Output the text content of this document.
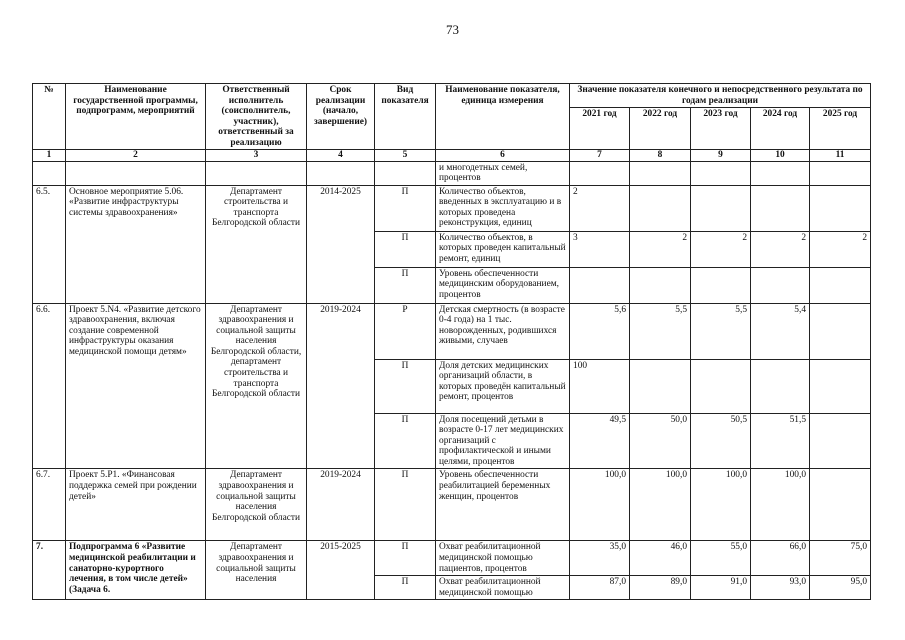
73
№	Наименование государственной программы, подпрограмм, мероприятий	Ответственный исполнитель (соисполнитель, участник), ответственный за реализацию	Срок реализации (начало, завершение)	Вид показателя	Наименование показателя, единица измерения	Значение показателя конечного и непосредственного результата по годам реализации				
						2021 год	2022 год	2023 год	2024 год	2025 год
1	2	3	4	5	6	7	8	9	10	11
					и многодетных семей, процентов					
6.5.	Основное мероприятие 5.06. «Развитие инфраструктуры системы здравоохранения»	Департамент строительства и транспорта Белгородской области	2014-2025	П	Количество объектов, введенных в эксплуатацию и в которых проведена реконструкция, единиц	2				
				П	Количество объектов, в которых проведен капитальный ремонт, единиц	3	2	2	2	2
				П	Уровень обеспеченности медицинским оборудованием, процентов					
6.6.	Проект 5.N4. «Развитие детского здравоохранения, включая создание современной инфраструктуры оказания медицинской помощи детям»	Департамент здравоохранения и социальной защиты населения Белгородской области, департамент строительства и транспорта Белгородской области	2019-2024	Р	Детская смертность (в возрасте 0-4 года) на 1 тыс. новорожденных, родившихся живыми, случаев	5,6	5,5	5,5	5,4	
				П	Доля детских медицинских организаций области, в которых проведён капитальный ремонт, процентов	100				
				П	Доля посещений детьми в возрасте 0-17 лет медицинских организаций с профилактической и иными целями, процентов	49,5	50,0	50,5	51,5	
6.7.	Проект 5.P1. «Финансовая поддержка семей при рождении детей»	Департамент здравоохранения и социальной защиты населения Белгородской области	2019-2024	П	Уровень обеспеченности реабилитацией беременных женщин, процентов	100,0	100,0	100,0	100,0	
7.	Подпрограмма 6 «Развитие медицинской реабилитации и санаторно-курортного лечения, в том числе детей» (Задача 6.	Департамент здравоохранения и социальной защиты населения	2015-2025	П	Охват реабилитационной медицинской помощью пациентов, процентов	35,0	46,0	55,0	66,0	75,0
				П	Охват реабилитационной медицинской помощью	87,0	89,0	91,0	93,0	95,0
